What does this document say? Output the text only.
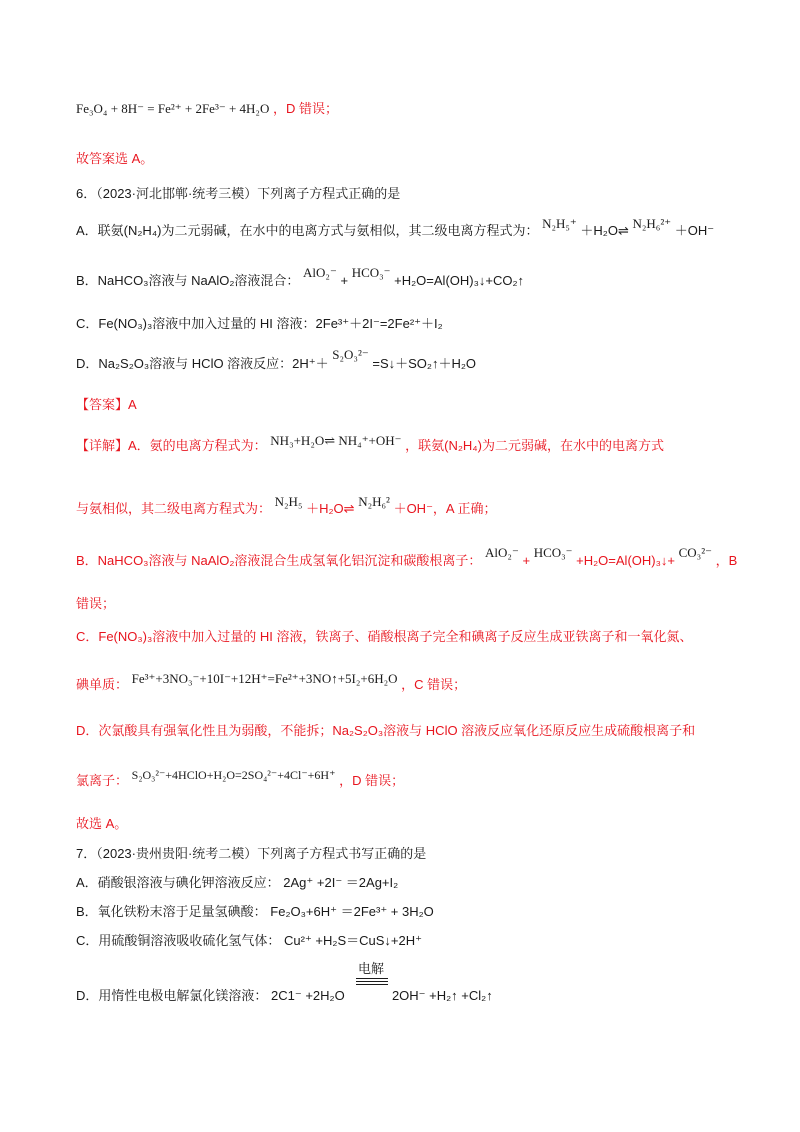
Fe₃O₄ + 8H⁻ = Fe²⁺ + 2Fe³⁻ + 4H₂O ，D 错误；
故答案选 A。
6．（2023·河北邯郸·统考三模）下列离子方程式正确的是
A．联氨(N₂H₄)为二元弱碱，在水中的电离方式与氨相似，其二级电离方程式为： N₂H₅⁺ ＋H₂O⇌ N₂H₆²⁺ ＋OH⁻
B．NaHCO₃溶液与 NaAlO₂溶液混合： AlO₂⁻ + HCO₃⁻ +H₂O=Al(OH)₃↓+CO₂↑
C．Fe(NO₃)₃溶液中加入过量的 HI 溶液：2Fe³⁺＋2I⁻=2Fe²⁺＋I₂
D．Na₂S₂O₃溶液与 HClO 溶液反应：2H⁺＋ S₂O₃²⁻ =S↓＋SO₂↑＋H₂O
【答案】A
【详解】A．氨的电离方程式为： NH₃+H₂O⇌ NH₄⁺+OH⁻ ，联氨(N₂H₄)为二元弱碱，在水中的电离方式
与氨相似，其二级电离方程式为： N₂H₅ ＋H₂O⇌ N₂H₆² ＋OH⁻，A 正确；
B．NaHCO₃溶液与 NaAlO₂溶液混合生成氢氧化铝沉淀和碳酸根离子： AlO₂⁻ + HCO₃⁻ +H₂O=Al(OH)₃↓+ CO₃²⁻ ，B
错误；
C．Fe(NO₃)₃溶液中加入过量的 HI 溶液，铁离子、硝酸根离子完全和碘离子反应生成亚铁离子和一氧化氮、
碘单质： Fe³⁺+3NO₃⁻+10I⁻+12H⁺=Fe²⁺+3NO↑+5I₂+6H₂O ，C 错误；
D．次氯酸具有强氧化性且为弱酸，不能拆；Na₂S₂O₃溶液与 HClO 溶液反应氧化还原反应生成硫酸根离子和
氯离子： S₂O₃²⁻+4HClO+H₂O=2SO₄²⁻+4Cl⁻+6H⁺ ，D 错误；
故选 A。
7．（2023·贵州贵阳·统考二模）下列离子方程式书写正确的是
A．硝酸银溶液与碘化钾溶液反应： 2Ag⁺ +2I⁻ ＝2Ag+I₂
B．氧化铁粉末溶于足量氢碘酸： Fe₂O₃+6H⁺ ＝2Fe³⁺ + 3H₂O
C．用硫酸铜溶液吸收硫化氢气体： Cu²⁺ +H₂S＝CuS↓+2H⁺
电解
D．用惰性电极电解氯化镁溶液： 2C1⁻ +2H₂O	2OH⁻ +H₂↑ +Cl₂↑
